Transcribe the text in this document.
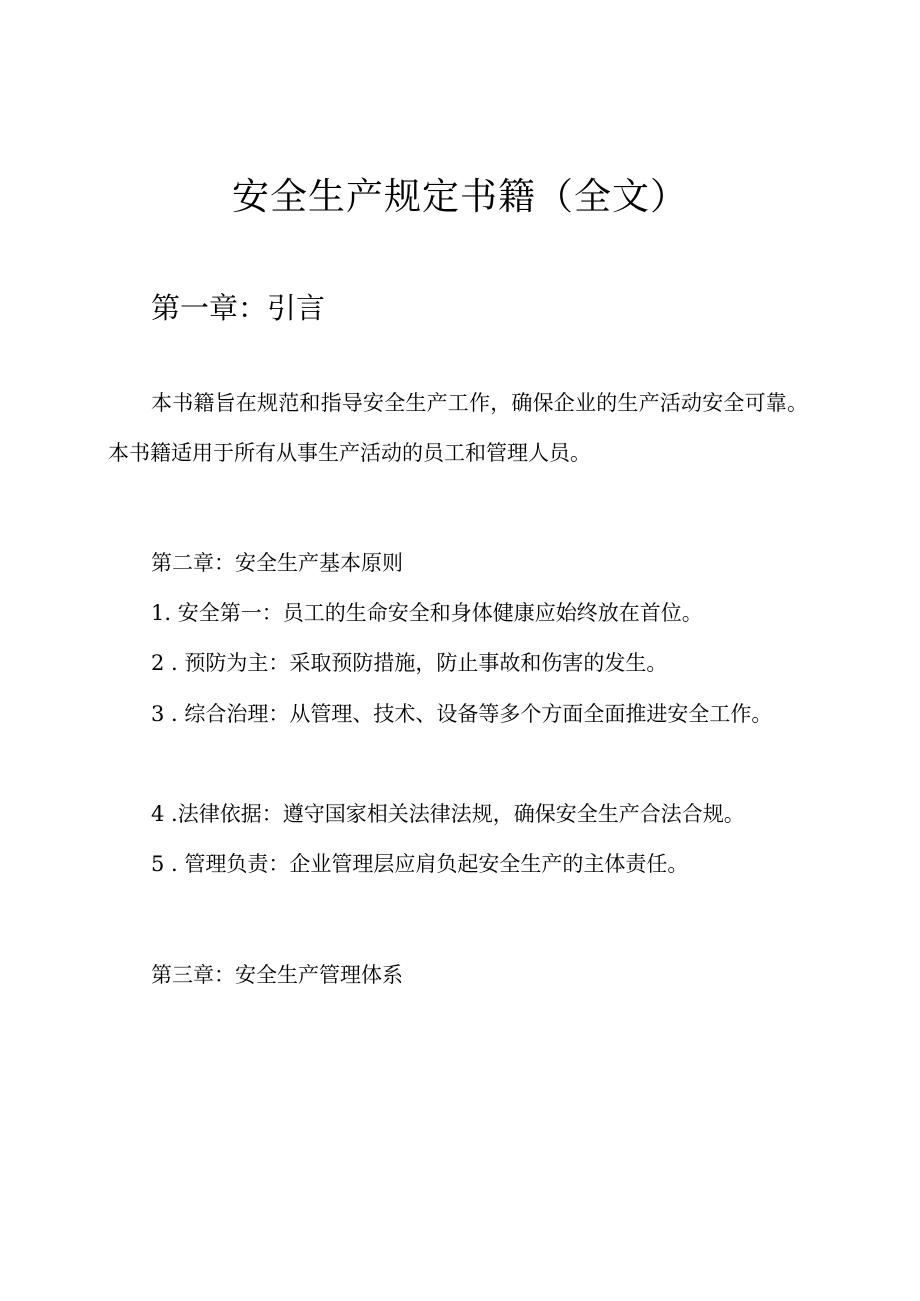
安全生产规定书籍（全文）
第一章：引言

本书籍旨在规范和指导安全生产工作，确保企业的生产活动安全可靠。本书籍适用于所有从事生产活动的员工和管理人员。

第二章：安全生产基本原则

1. 安全第一：员工的生命安全和身体健康应始终放在首位。

2 . 预防为主：采取预防措施，防止事故和伤害的发生。

3 . 综合治理：从管理、技术、设备等多个方面全面推进安全工作。

4 .法律依据：遵守国家相关法律法规，确保安全生产合法合规。

5 . 管理负责：企业管理层应肩负起安全生产的主体责任。

第三章：安全生产管理体系
